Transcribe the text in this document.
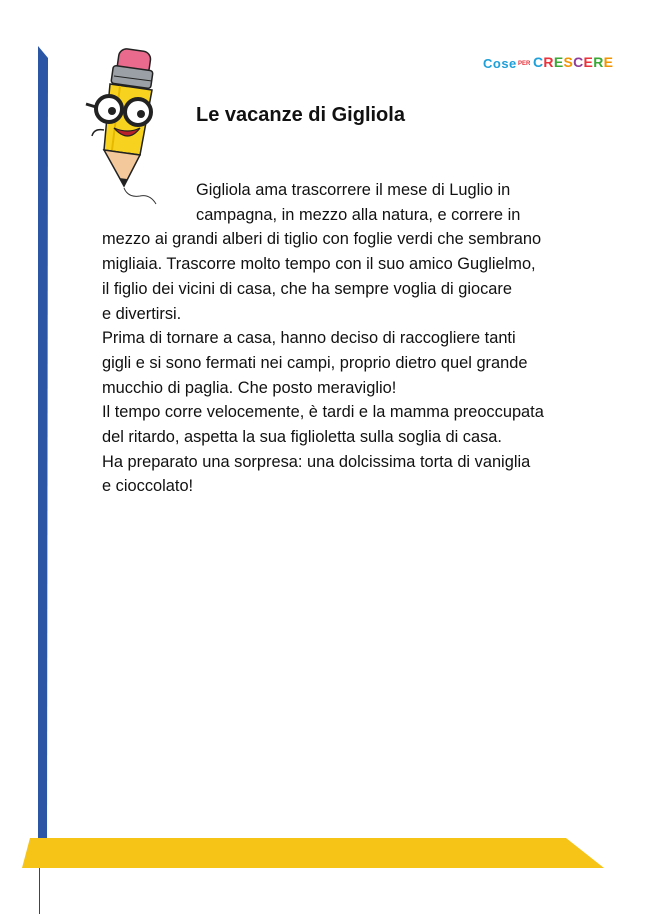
Cose PER CRESCERE
Le vacanze di Gigliola
Gigliola ama trascorrere il mese di Luglio in
campagna, in mezzo alla natura, e correre in
mezzo ai grandi alberi di tiglio con foglie verdi che sembrano
migliaia. Trascorre molto tempo con il suo amico Guglielmo,
il figlio dei vicini di casa, che ha sempre voglia di giocare
e divertirsi.
Prima di tornare a casa, hanno deciso di raccogliere tanti
gigli e si sono fermati nei campi, proprio dietro quel grande
mucchio di paglia. Che posto meraviglio!
Il tempo corre velocemente, è tardi e la mamma preoccupata
del ritardo, aspetta la sua figlioletta sulla soglia di casa.
Ha preparato una sorpresa: una dolcissima torta di vaniglia
e cioccolato!
